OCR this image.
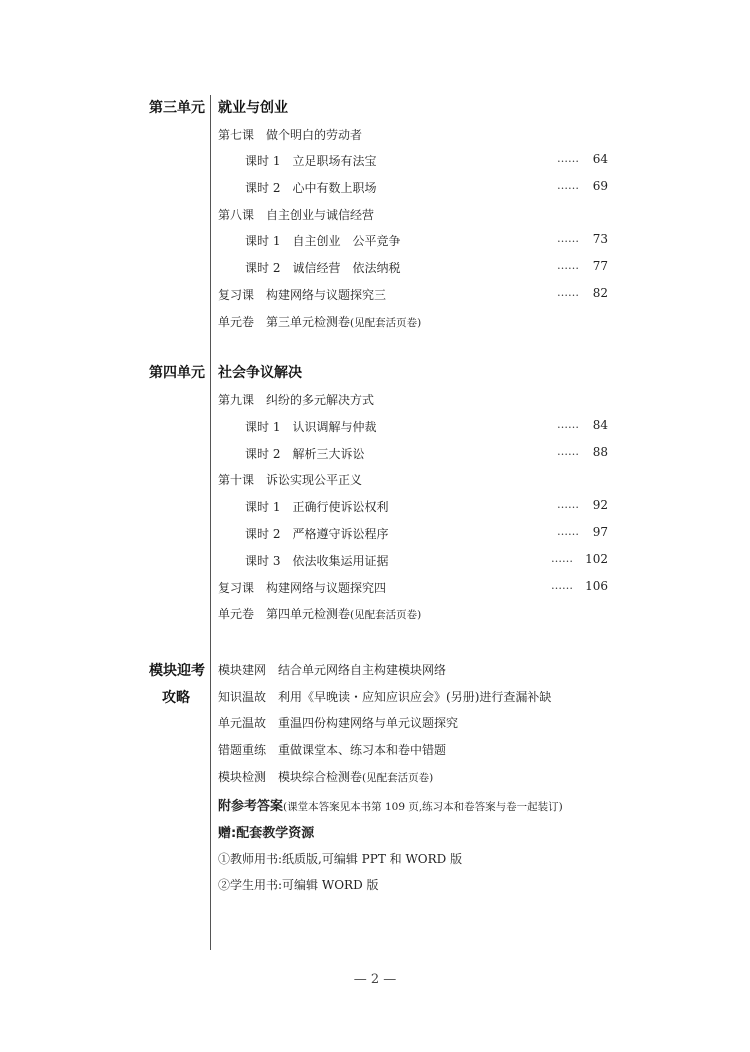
第三单元 就业与创业
第七课 做个明白的劳动者
课时 1 立足职场有法宝	……	64
课时 2 心中有数上职场	……	69
第八课 自主创业与诚信经营
课时 1 自主创业　公平竞争	……	73
课时 2 诚信经营　依法纳税	……	77
复习课 构建网络与议题探究三	……	82
单元卷 第三单元检测卷(见配套活页卷)
第四单元 社会争议解决
第九课 纠纷的多元解决方式
课时 1 认识调解与仲裁	……	84
课时 2 解析三大诉讼	……	88
第十课 诉讼实现公平正义
课时 1 正确行使诉讼权利	……	92
课时 2 严格遵守诉讼程序	……	97
课时 3 依法收集运用证据	……	102
复习课 构建网络与议题探究四	……	106
单元卷 第四单元检测卷(见配套活页卷)
模块迎考
攻略
模块建网 结合单元网络自主构建模块网络
知识温故 利用《早晚读・应知应识应会》(另册)进行查漏补缺
单元温故 重温四份构建网络与单元议题探究
错题重练 重做课堂本、练习本和卷中错题
模块检测 模块综合检测卷(见配套活页卷)
附参考答案(课堂本答案见本书第 109 页,练习本和卷答案与卷一起装订)
赠:配套教学资源
①教师用书:纸质版,可编辑 PPT 和 WORD 版
②学生用书:可编辑 WORD 版
— 2 —
